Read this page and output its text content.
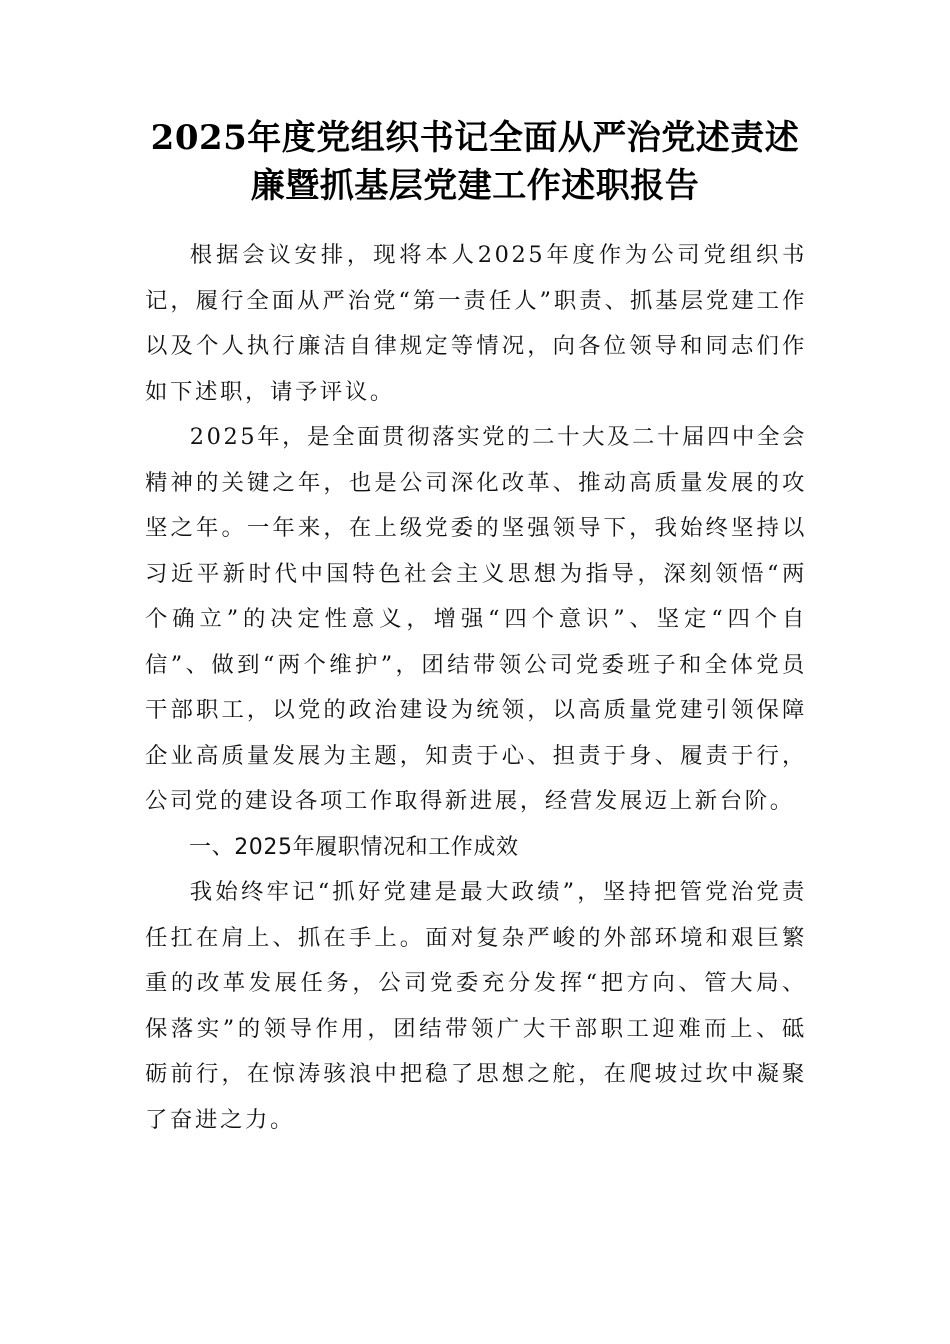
2025年度党组织书记全面从严治党述责述
廉暨抓基层党建工作述职报告

根据会议安排，现将本人2025年度作为公司党组织书记，履行全面从严治党“第一责任人”职责、抓基层党建工作以及个人执行廉洁自律规定等情况，向各位领导和同志们作如下述职，请予评议。

2025年，是全面贯彻落实党的二十大及二十届四中全会精神的关键之年，也是公司深化改革、推动高质量发展的攻坚之年。一年来，在上级党委的坚强领导下，我始终坚持以习近平新时代中国特色社会主义思想为指导，深刻领悟“两个确立”的决定性意义，增强“四个意识”、坚定“四个自信”、做到“两个维护”，团结带领公司党委班子和全体党员干部职工，以党的政治建设为统领，以高质量党建引领保障企业高质量发展为主题，知责于心、担责于身、履责于行，公司党的建设各项工作取得新进展，经营发展迈上新台阶。

一、2025年履职情况和工作成效

我始终牢记“抓好党建是最大政绩”，坚持把管党治党责任扛在肩上、抓在手上。面对复杂严峻的外部环境和艰巨繁重的改革发展任务，公司党委充分发挥“把方向、管大局、保落实”的领导作用，团结带领广大干部职工迎难而上、砥砺前行，在惊涛骇浪中把稳了思想之舵，在爬坡过坎中凝聚了奋进之力。
